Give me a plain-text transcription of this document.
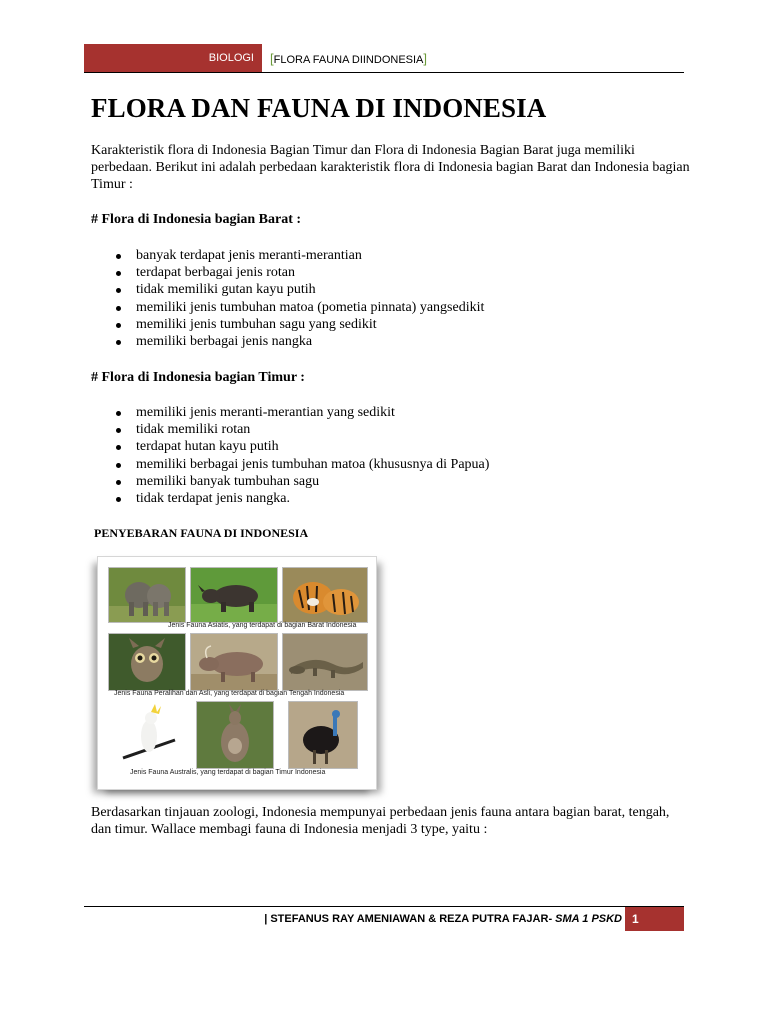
BIOLOGI	[FLORA FAUNA DIINDONESIA]
FLORA DAN FAUNA DI INDONESIA

Karakteristik flora di Indonesia Bagian Timur dan Flora di Indonesia Bagian Barat juga memiliki perbedaan. Berikut ini adalah perbedaan karakteristik flora di Indonesia bagian Barat dan Indonesia bagian Timur :

# Flora di Indonesia bagian Barat :

banyak terdapat jenis meranti-merantian
terdapat berbagai jenis rotan
tidak memiliki gutan kayu putih
memiliki jenis tumbuhan matoa (pometia pinnata) yangsedikit
memiliki jenis tumbuhan sagu yang sedikit
memiliki berbagai jenis nangka

# Flora di Indonesia bagian Timur :

memiliki jenis meranti-merantian yang sedikit
tidak memiliki rotan
terdapat hutan kayu putih
memiliki berbagai jenis tumbuhan matoa (khususnya di Papua)
memiliki banyak tumbuhan sagu
tidak terdapat jenis nangka.

PENYEBARAN FAUNA DI INDONESIA

Jenis Fauna Asiatis, yang terdapat di bagian Barat Indonesia
Jenis Fauna Peralihan dan Asli, yang terdapat di bagian Tengah Indonesia
Jenis Fauna Australis, yang terdapat di bagian Timur Indonesia

Berdasarkan tinjauan zoologi, Indonesia mempunyai perbedaan jenis fauna antara bagian barat, tengah, dan timur. Wallace membagi fauna di Indonesia menjadi 3 type, yaitu :

| STEFANUS RAY AMENIAWAN & REZA PUTRA FAJAR- SMA 1 PSKD 1
